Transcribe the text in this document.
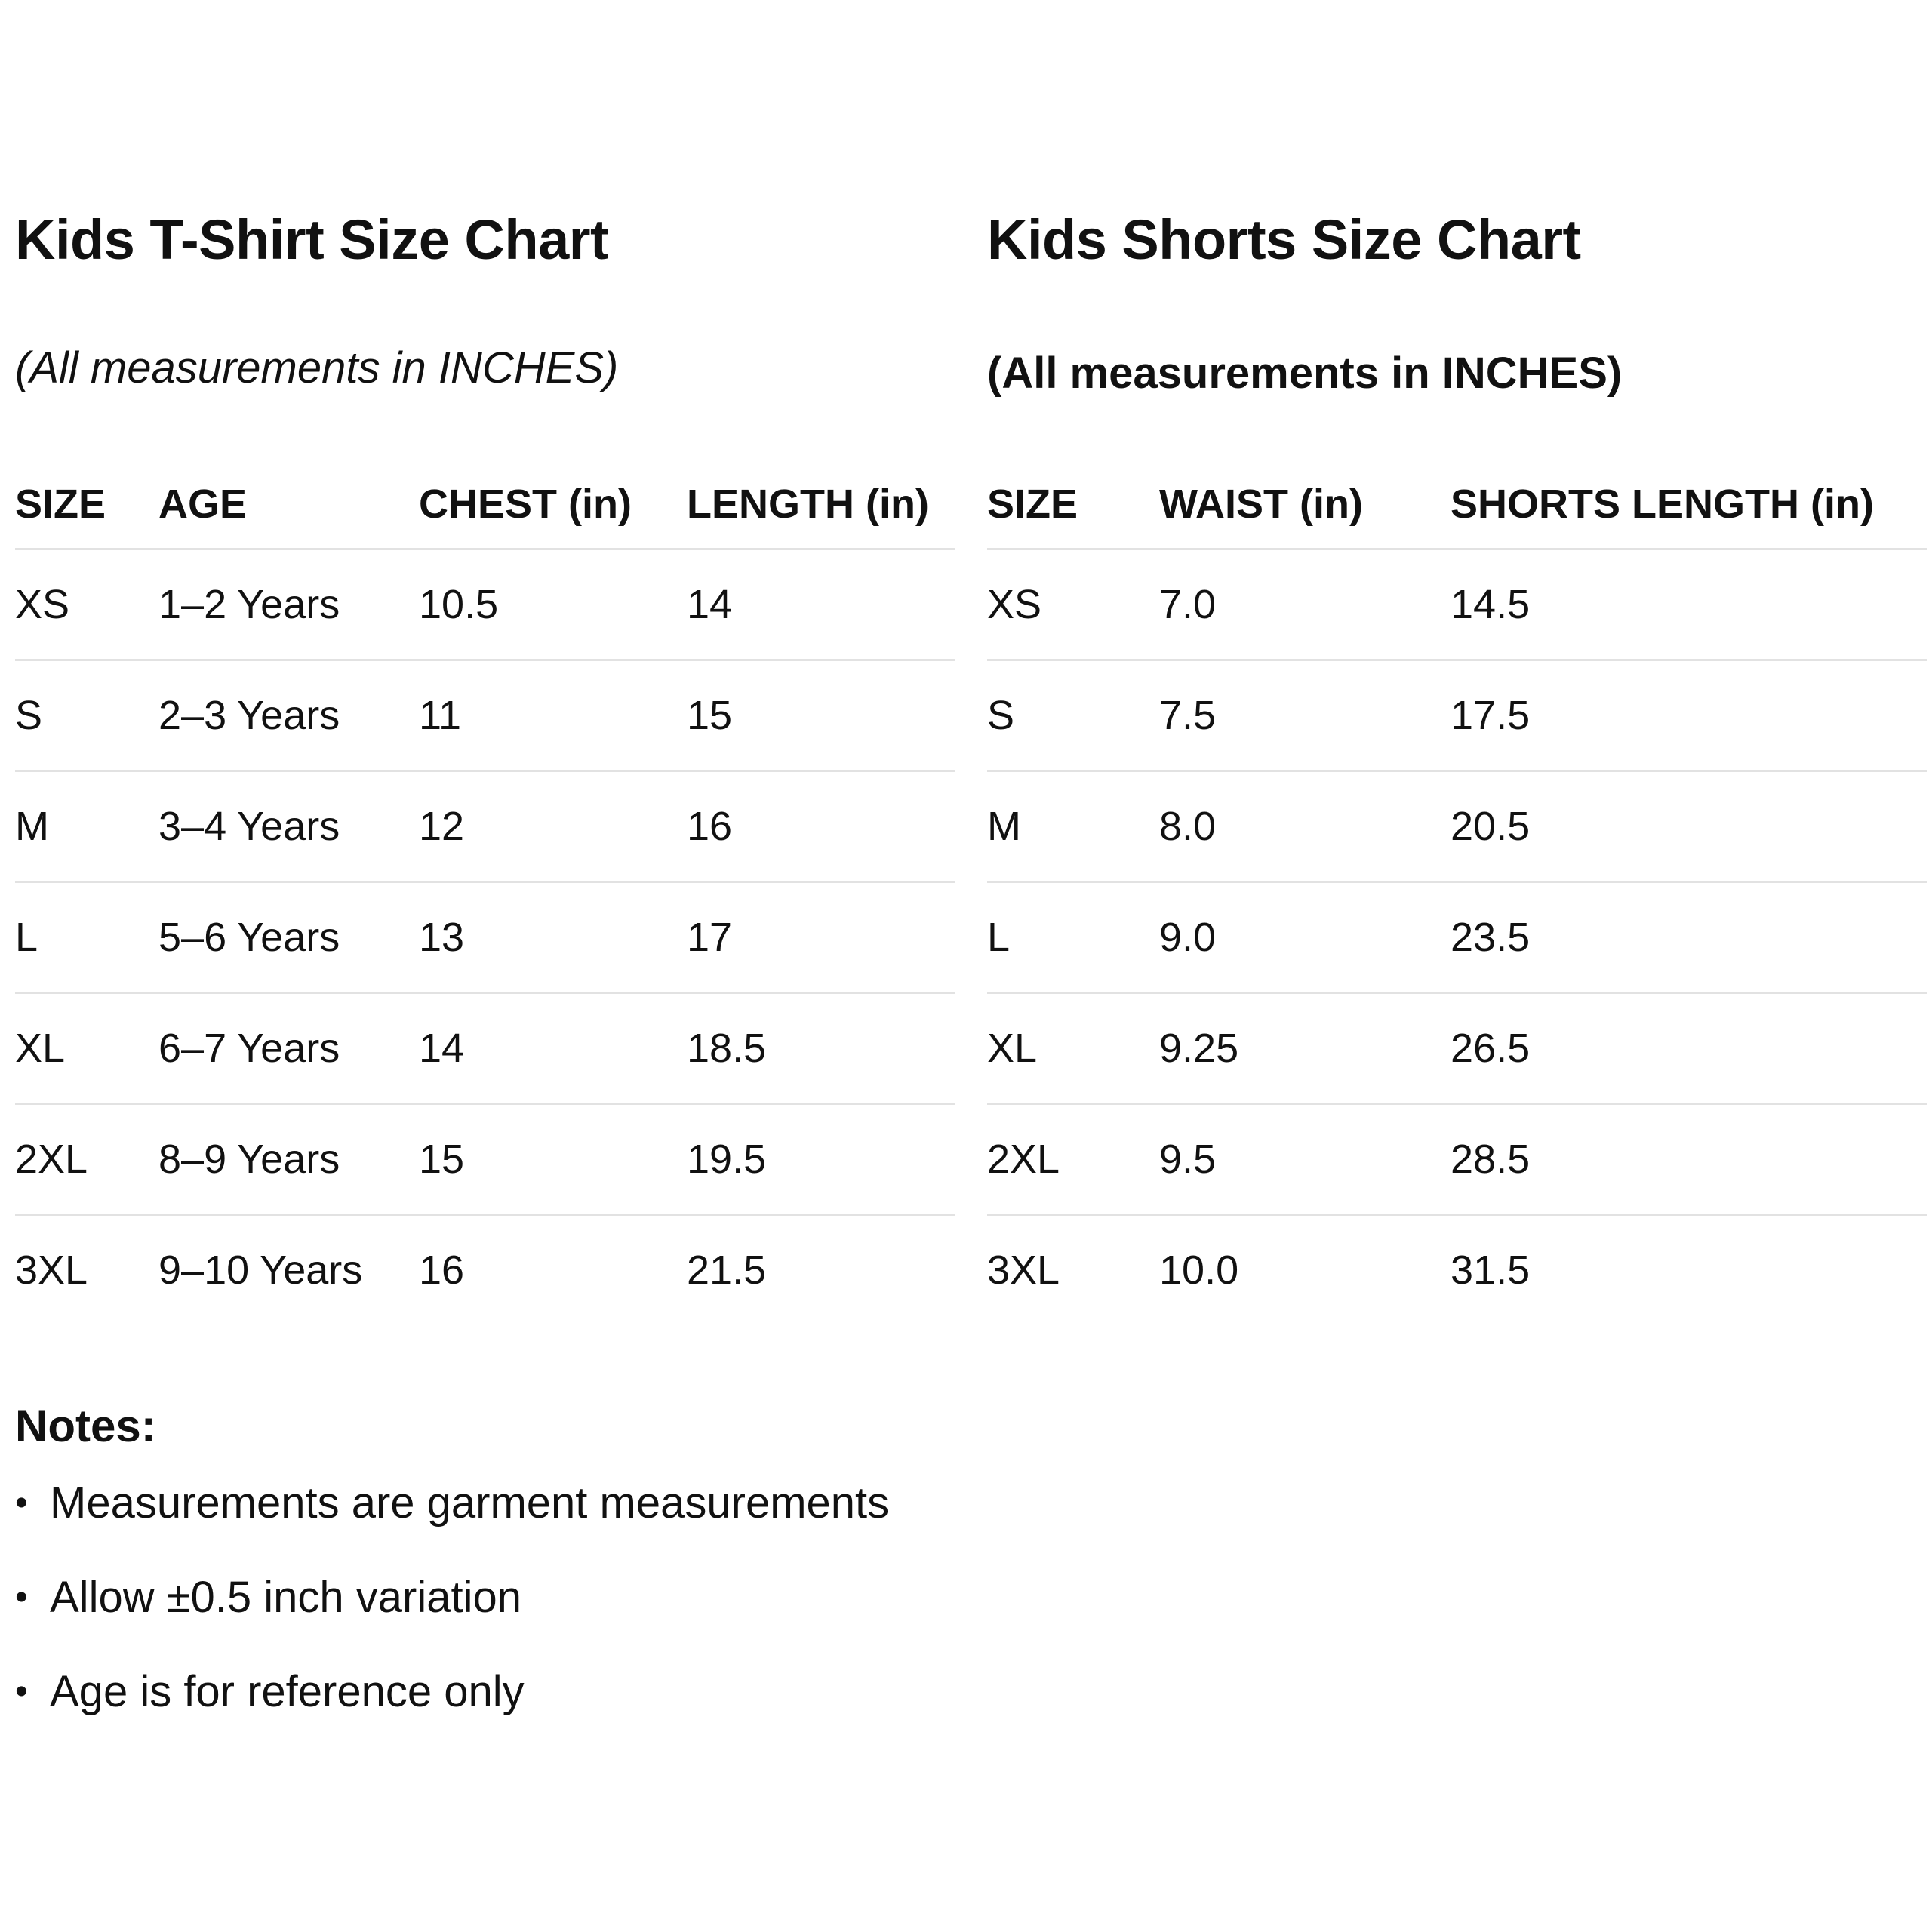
Kids T-Shirt Size Chart

(All measurements in INCHES)

SIZE	AGE	CHEST (in)	LENGTH (in)
XS	1–2 Years	10.5	14
S	2–3 Years	11	15
M	3–4 Years	12	16
L	5–6 Years	13	17
XL	6–7 Years	14	18.5
2XL	8–9 Years	15	19.5
3XL	9–10 Years	16	21.5
Kids Shorts Size Chart

(All measurements in INCHES)

SIZE	WAIST (in)	SHORTS LENGTH (in)
XS	7.0	14.5
S	7.5	17.5
M	8.0	20.5
L	9.0	23.5
XL	9.25	26.5
2XL	9.5	28.5
3XL	10.0	31.5
Notes:
• Measurements are garment measurements
• Allow ±0.5 inch variation
• Age is for reference only
